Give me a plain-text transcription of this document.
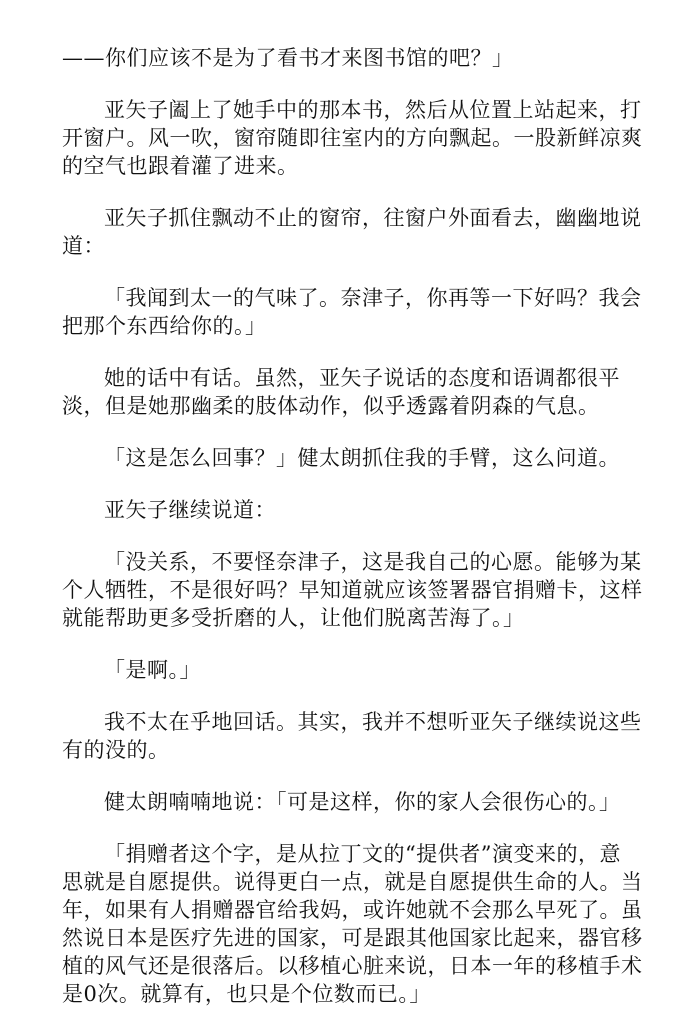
——你们应该不是为了看书才来图书馆的吧？」

亚矢子阖上了她手中的那本书，然后从位置上站起来，打
开窗户。风一吹，窗帘随即往室内的方向飘起。一股新鲜凉爽
的空气也跟着灌了进来。

亚矢子抓住飘动不止的窗帘，往窗户外面看去，幽幽地说
道：

「我闻到太一的气味了。奈津子，你再等一下好吗？我会
把那个东西给你的。」

她的话中有话。虽然，亚矢子说话的态度和语调都很平
淡，但是她那幽柔的肢体动作，似乎透露着阴森的气息。

「这是怎么回事？」健太朗抓住我的手臂，这么问道。

亚矢子继续说道：

「没关系，不要怪奈津子，这是我自己的心愿。能够为某
个人牺牲，不是很好吗？早知道就应该签署器官捐赠卡，这样
就能帮助更多受折磨的人，让他们脱离苦海了。」

「是啊。」

我不太在乎地回话。其实，我并不想听亚矢子继续说这些
有的没的。

健太朗喃喃地说：「可是这样，你的家人会很伤心的。」

「捐赠者这个字，是从拉丁文的“提供者”演变来的，意
思就是自愿提供。说得更白一点，就是自愿提供生命的人。当
年，如果有人捐赠器官给我妈，或许她就不会那么早死了。虽
然说日本是医疗先进的国家，可是跟其他国家比起来，器官移
植的风气还是很落后。以移植心脏来说，日本一年的移植手术
是0次。就算有，也只是个位数而已。」
